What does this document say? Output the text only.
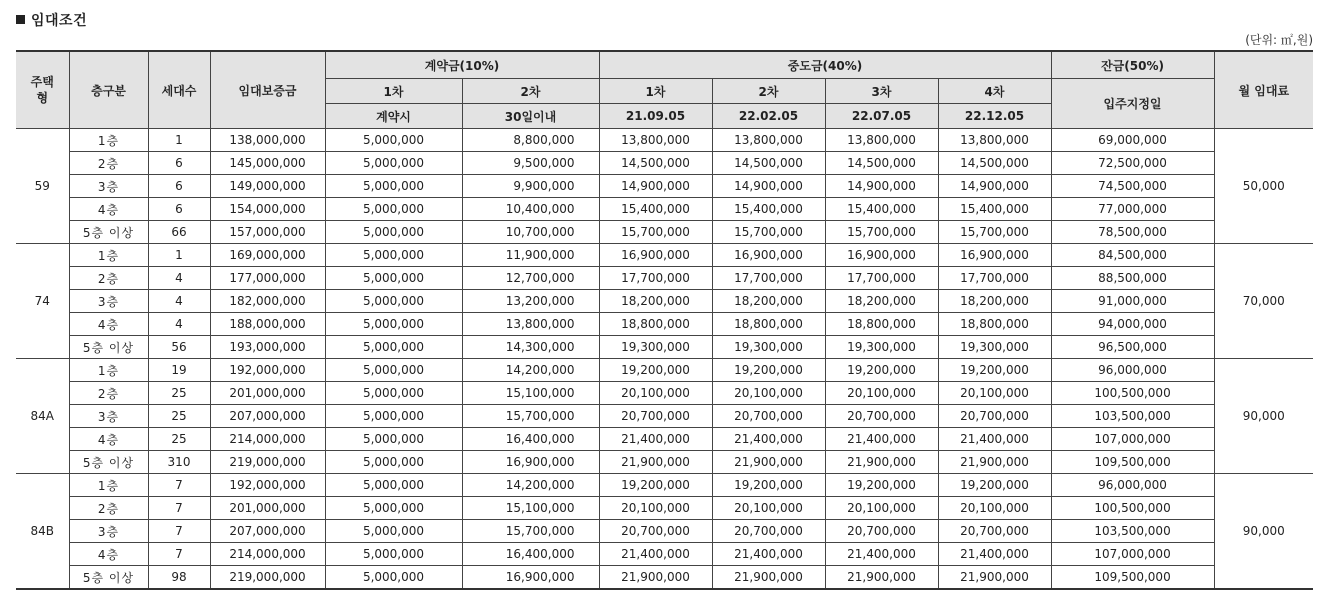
임대조건
(단위: ㎡,원)
주택형	층구분	세대수	임대보증금	계약금(10%)		중도금(40%)				잔금(50%)	월 임대료
				1차	2차	1차	2차	3차	4차	입주지정일	
				계약시	30일이내	21.09.05	22.02.05	22.07.05	22.12.05		
59	1층	1	138,000,000	5,000,000	8,800,000	13,800,000	13,800,000	13,800,000	13,800,000	69,000,000	50,000
	2층	6	145,000,000	5,000,000	9,500,000	14,500,000	14,500,000	14,500,000	14,500,000	72,500,000	
	3층	6	149,000,000	5,000,000	9,900,000	14,900,000	14,900,000	14,900,000	14,900,000	74,500,000	
	4층	6	154,000,000	5,000,000	10,400,000	15,400,000	15,400,000	15,400,000	15,400,000	77,000,000	
	5층 이상	66	157,000,000	5,000,000	10,700,000	15,700,000	15,700,000	15,700,000	15,700,000	78,500,000	
74	1층	1	169,000,000	5,000,000	11,900,000	16,900,000	16,900,000	16,900,000	16,900,000	84,500,000	70,000
	2층	4	177,000,000	5,000,000	12,700,000	17,700,000	17,700,000	17,700,000	17,700,000	88,500,000	
	3층	4	182,000,000	5,000,000	13,200,000	18,200,000	18,200,000	18,200,000	18,200,000	91,000,000	
	4층	4	188,000,000	5,000,000	13,800,000	18,800,000	18,800,000	18,800,000	18,800,000	94,000,000	
	5층 이상	56	193,000,000	5,000,000	14,300,000	19,300,000	19,300,000	19,300,000	19,300,000	96,500,000	
84A	1층	19	192,000,000	5,000,000	14,200,000	19,200,000	19,200,000	19,200,000	19,200,000	96,000,000	90,000
	2층	25	201,000,000	5,000,000	15,100,000	20,100,000	20,100,000	20,100,000	20,100,000	100,500,000	
	3층	25	207,000,000	5,000,000	15,700,000	20,700,000	20,700,000	20,700,000	20,700,000	103,500,000	
	4층	25	214,000,000	5,000,000	16,400,000	21,400,000	21,400,000	21,400,000	21,400,000	107,000,000	
	5층 이상	310	219,000,000	5,000,000	16,900,000	21,900,000	21,900,000	21,900,000	21,900,000	109,500,000	
84B	1층	7	192,000,000	5,000,000	14,200,000	19,200,000	19,200,000	19,200,000	19,200,000	96,000,000	90,000
	2층	7	201,000,000	5,000,000	15,100,000	20,100,000	20,100,000	20,100,000	20,100,000	100,500,000	
	3층	7	207,000,000	5,000,000	15,700,000	20,700,000	20,700,000	20,700,000	20,700,000	103,500,000	
	4층	7	214,000,000	5,000,000	16,400,000	21,400,000	21,400,000	21,400,000	21,400,000	107,000,000	
	5층 이상	98	219,000,000	5,000,000	16,900,000	21,900,000	21,900,000	21,900,000	21,900,000	109,500,000	
